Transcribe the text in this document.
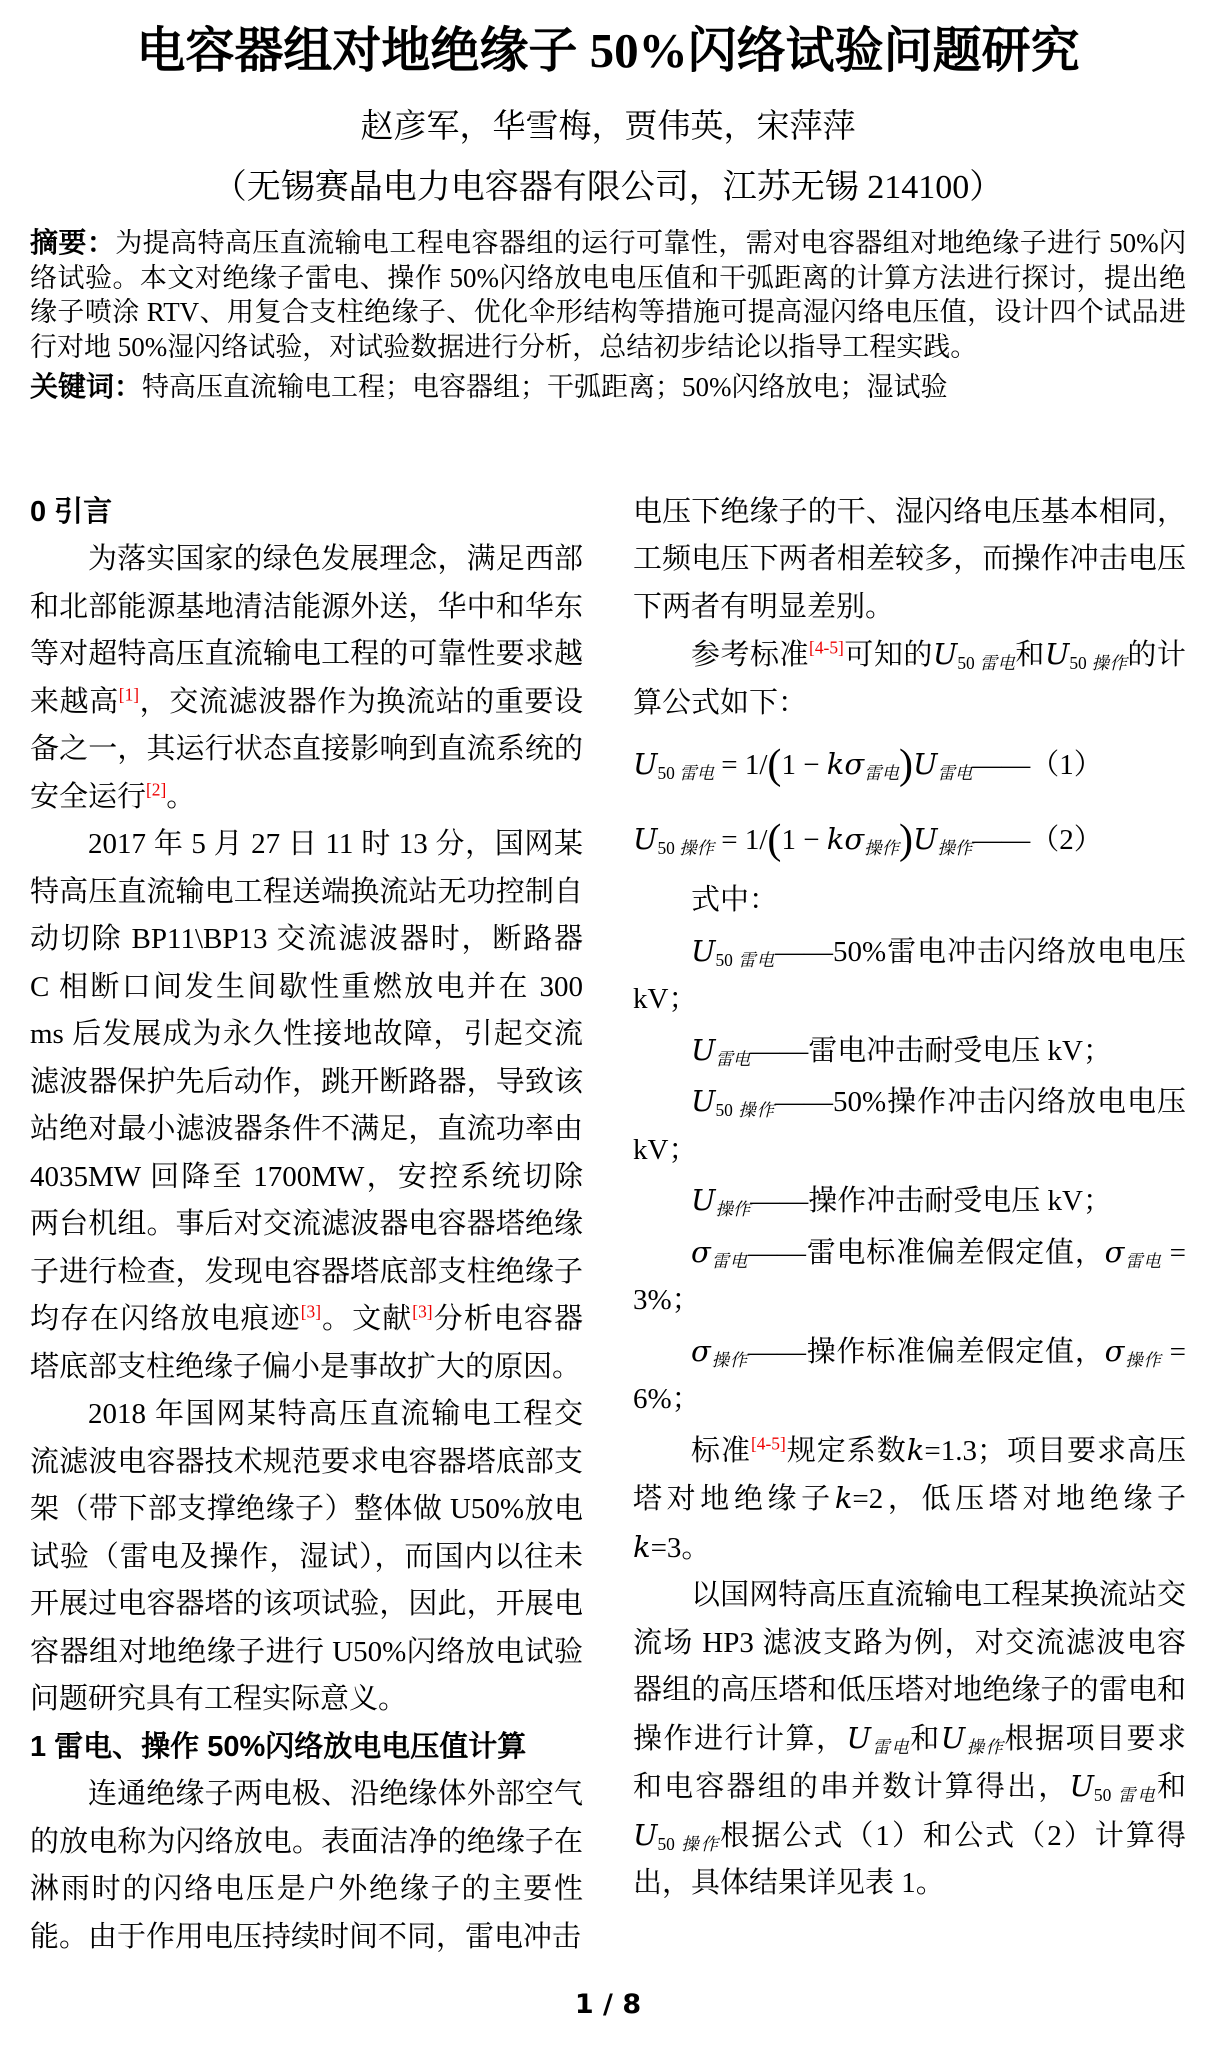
电容器组对地绝缘子 50%闪络试验问题研究
赵彦军，华雪梅，贾伟英，宋萍萍
（无锡赛晶电力电容器有限公司，江苏无锡 214100）

摘要：为提高特高压直流输电工程电容器组的运行可靠性，需对电容器组对地绝缘子进行 50%闪络试验。本文对绝缘子雷电、操作 50%闪络放电电压值和干弧距离的计算方法进行探讨，提出绝缘子喷涂 RTV、用复合支柱绝缘子、优化伞形结构等措施可提高湿闪络电压值，设计四个试品进行对地 50%湿闪络试验，对试验数据进行分析，总结初步结论以指导工程实践。

关键词：特高压直流输电工程；电容器组；干弧距离；50%闪络放电；湿试验

0 引言

为落实国家的绿色发展理念，满足西部和北部能源基地清洁能源外送，华中和华东等对超特高压直流输电工程的可靠性要求越来越高[1]，交流滤波器作为换流站的重要设备之一，其运行状态直接影响到直流系统的安全运行[2]。

2017 年 5 月 27 日 11 时 13 分，国网某特高压直流输电工程送端换流站无功控制自动切除 BP11\BP13 交流滤波器时，断路器 C 相断口间发生间歇性重燃放电并在 300 ms 后发展成为永久性接地故障，引起交流滤波器保护先后动作，跳开断路器，导致该站绝对最小滤波器条件不满足，直流功率由 4035MW 回降至 1700MW，安控系统切除两台机组。事后对交流滤波器电容器塔绝缘子进行检查，发现电容器塔底部支柱绝缘子均存在闪络放电痕迹[3]。文献[3]分析电容器塔底部支柱绝缘子偏小是事故扩大的原因。

2018 年国网某特高压直流输电工程交流滤波电容器技术规范要求电容器塔底部支架（带下部支撑绝缘子）整体做 U50%放电试验（雷电及操作，湿试），而国内以往未开展过电容器塔的该项试验，因此，开展电容器组对地绝缘子进行 U50%闪络放电试验问题研究具有工程实际意义。

1 雷电、操作 50%闪络放电电压值计算

连通绝缘子两电极、沿绝缘体外部空气的放电称为闪络放电。表面洁净的绝缘子在淋雨时的闪络电压是户外绝缘子的主要性能。由于作用电压持续时间不同，雷电冲击

电压下绝缘子的干、湿闪络电压基本相同，工频电压下两者相差较多，而操作冲击电压下两者有明显差别。

参考标准[4-5]可知的$U_{50 雷电}$和$U_{50 操作}$的计算公式如下：

$U_{50 雷电} = 1/(1$ − $k\sigma_{雷电})U_{雷电}——(1)$

$U_{50 操作} = 1/(1$ − $k\sigma_{操作})U_{操作}——(2)$

式中：

$U_{50 雷电}——50\%$雷电冲击闪络放电电压 kV；

$U_{雷电}——$雷电冲击耐受电压 kV；

$U_{50 操作}——50\%$操作冲击闪络放电电压 kV；

$U_{操作}——$操作冲击耐受电压 kV；

$\sigma_{雷电}——$雷电标准偏差假定值，$\sigma_{雷电} = 3\%$；

$\sigma_{操作}——$操作标准偏差假定值，$\sigma_{操作} = 6\%$；

标准[4-5]规定系数k=1.3；项目要求高压塔对地绝缘子k=2，低压塔对地绝缘子k=3。

以国网特高压直流输电工程某换流站交流场 HP3 滤波支路为例，对交流滤波电容器组的高压塔和低压塔对地绝缘子的雷电和操作进行计算，$U_{雷电}$和$U_{操作}$根据项目要求和电容器组的串并数计算得出，$U_{50 雷电}$和$U_{50 操作}$根据公式（1）和公式（2）计算得出，具体结果详见表 1。

1 / 8
